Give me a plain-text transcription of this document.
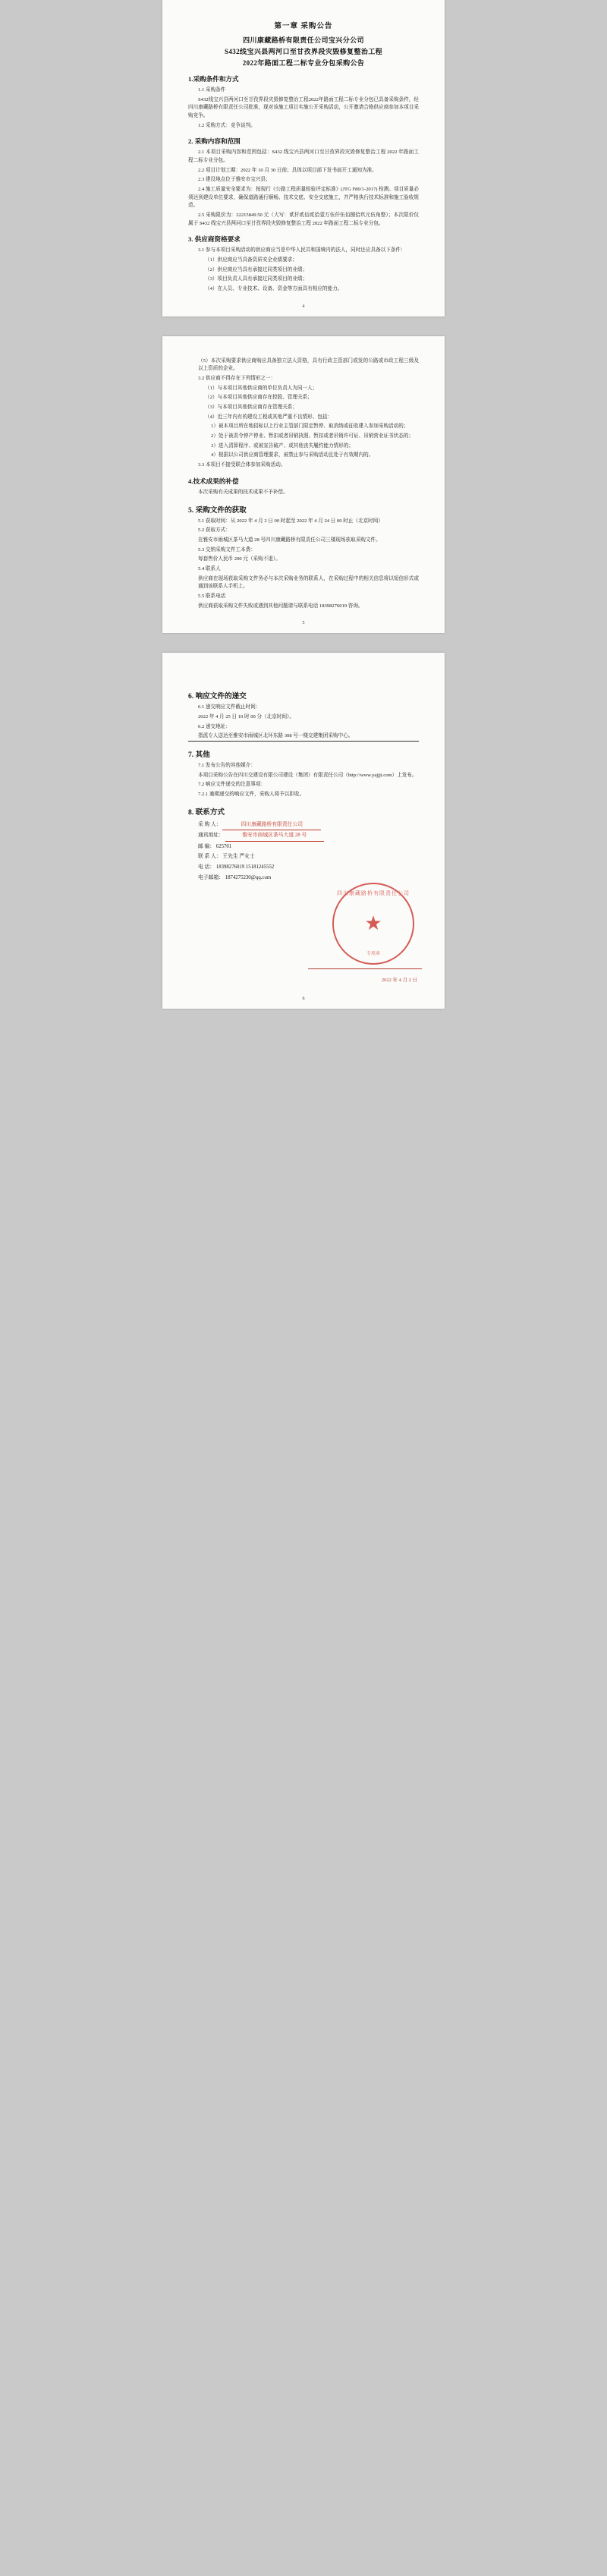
第一章 采购公告
四川康藏路桥有限责任公司宝兴分公司
S432线宝兴县两河口至甘孜界段灾毁修复整治工程
2022年路面工程二标专业分包采购公告
1.采购条件和方式

1.1 采购条件

S432线宝兴县两河口至甘孜界段灾毁修复整治工程2022年路面工程二标专业分包已具备采购条件，经四川康藏路桥有限责任公司批准，现对该施工项目实施公开采购活动，公开邀请合格供应商参加本项目采购竞争。

1.2 采购方式：竞争谈判。

2. 采购内容和范围

2.1 本项目采购内容和范围包括：S432 线宝兴县两河口至甘孜界段灾毁修复整治工程 2022 年路面工程二标专业分包。

2.2 项目计划工期：2022 年 10 月 30 日前；具体以项目部下发书面开工通知为准。

2.3 建设地点位于雅安市宝兴县；

2.4 施工质量安全要求为：按现行《公路工程质量检验评定标准》(JTG F80/1-2017) 检测。项目质量必须达到建设单位要求，确保道路通行顺畅、技术交底、安全交底施工，并严格执行技术标准和施工验收规范。

2.5 采购限价为：22215849.50 元（大写：贰仟贰佰贰拾壹万伍仟伍佰捌拾玖元伍角整）；本次限价仅属于 S432 线宝兴县两河口至甘孜界段灾毁修复整治工程 2022 年路面工程二标专业分包。

3. 供应商资格要求

3.1 参与本项目采购活动的供应商应当是中华人民共和国境内的法人，同时还应具备以下条件：

（1）供应商应当具备资质安全业绩要求；

（2）供应商应当具有承接过同类项目的业绩；

（3）项目负责人具有承接过同类项目的业绩；

（4）在人员、专业技术、设备、资金等方面具有相应的能力。

4

（5）本次采购要求供应商购应具备独立法人资格，具有行政主管部门或发的公路或市政工程三级及以上资质的企业。

3.2 供应商不得存在下列情形之一：

（1）与本项目其他供应商的单位负责人为同一人；

（2）与本项目其他供应商存在控股、管理关系；

（3）与本项目其他供应商存在管理关系；

（4）近三年内有的建设工程或其他严重不良情形、包括：

1）被本项目所在地招标以上行业主管部门限定暂停、取消纳或征收建入参加采购活动的；

2）处于被责令停产停业、暂扣或者吊销执照、暂扣或者吊销许可证、吊销营业证书状态的；

3）进入清算程序、或被宣告破产、或其他丧失履约能力情形的；

4）根据以公司供应商管理要求，被禁止参与采购活动且处于有效期内的。

3.3 本项目不接受联合体参加采购活动。

4.技术成果的补偿

本次采购有关成果的技术成果不予补偿。

5. 采购文件的获取

5.1 获取时间：从 2022 年 4 月 2 日 00 时起至 2022 年 4 月 24 日 00 时止（北京时间）

5.2 获取方式：

在雅安市雨城区茶马大道 28 号四川康藏路桥有限责任公司三楼现场获取采购文件。

5.3 交纳采购文件工本费：

每套售价人民币 200 元（采购不退）。

5.4 联系人

供应商在现场获取采购文件务必与本次采购业务的联系人，在采购过程中的相关信息将以短信形式或通到该联系人手机上。

5.5 联系电话

供应商获取采购文件失败或遇到其他问题请与联系电话 18398276019 咨询。

5
6. 响应文件的递交

6.1 递交响应文件截止时间：

2022 年 4 月 25 日 10 时 00 分（北京时间）。

6.2 递交地址：

指派专人送达至雅安市雨城区北环东路 308 号一楼交建集团采购中心。

7. 其他

7.1 发布公告的其他媒介：

本项目采购公告在四川交建设有限公司建设（集团）有限责任公司（http://www.yajjjt.com）上发布。

7.2 响应文件递交的注意事项：

7.2.1 逾期递交的响应文件，采购人将予以拒收。

8. 联系方式

采 购 人：	四川康藏路桥有限责任公司

通讯地址：	雅安市雨城区茶马大道 28 号

邮 编： 625701

联 系 人： 王先生 严女士

电 话： 18398276019 15181245552

电子邮箱： 1874275230@qq.com

四川康藏路桥有限责任公司
★
专用章
2022 年 4 月 2 日
6
